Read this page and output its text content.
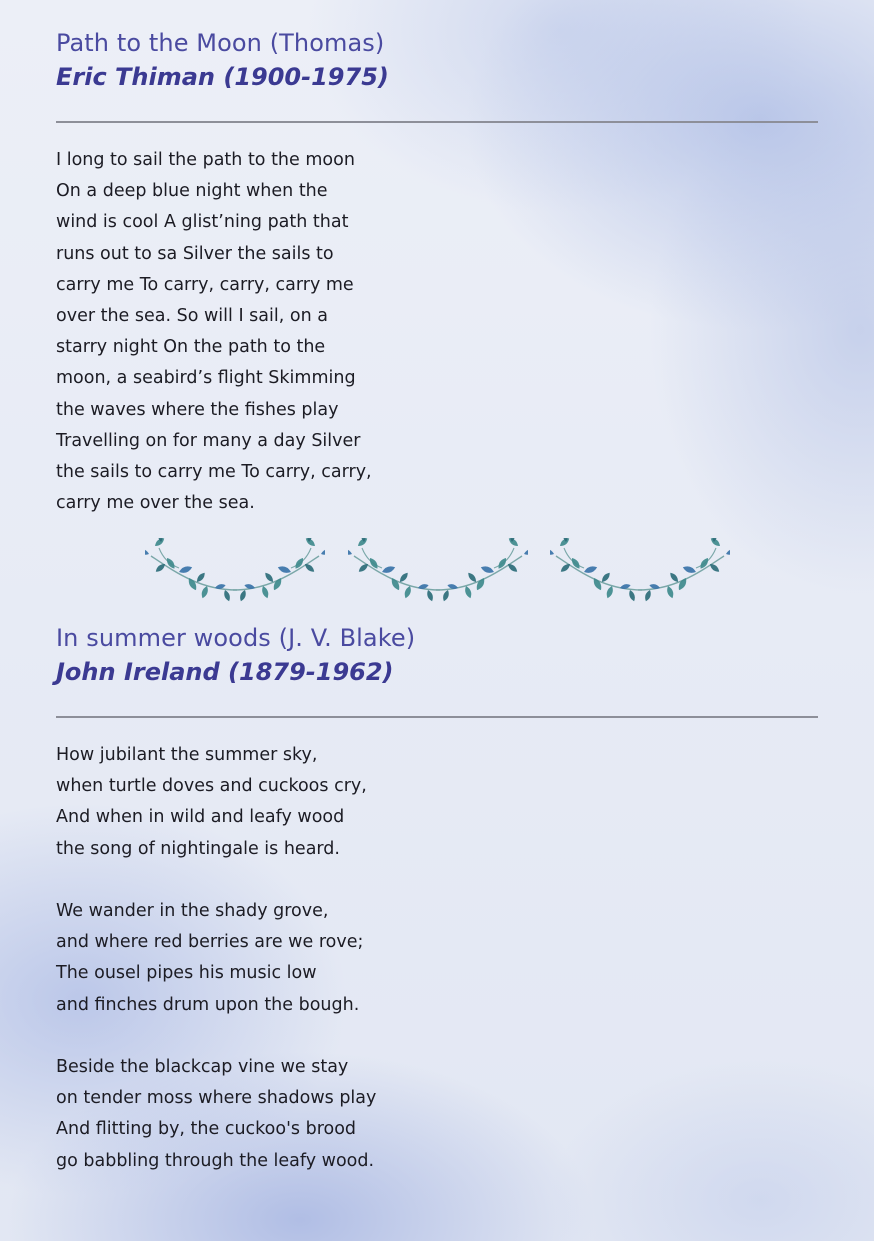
Path to the Moon (Thomas)
Eric Thiman (1900-1975)
I long to sail the path to the moon
On a deep blue night when the
wind is cool A glist’ning path that
runs out to sa Silver the sails to
carry me To carry, carry, carry me
over the sea. So will I sail, on a
starry night On the path to the
moon, a seabird’s flight Skimming
the waves where the fishes play
Travelling on for many a day Silver
the sails to carry me To carry, carry,
carry me over the sea.
In summer woods (J. V. Blake)
John Ireland (1879-1962)
How jubilant the summer sky,
when turtle doves and cuckoos cry,
And when in wild and leafy wood
the song of nightingale is heard.
We wander in the shady grove,
and where red berries are we rove;
The ousel pipes his music low
and finches drum upon the bough.
Beside the blackcap vine we stay
on tender moss where shadows play
And flitting by, the cuckoo's brood
go babbling through the leafy wood.
